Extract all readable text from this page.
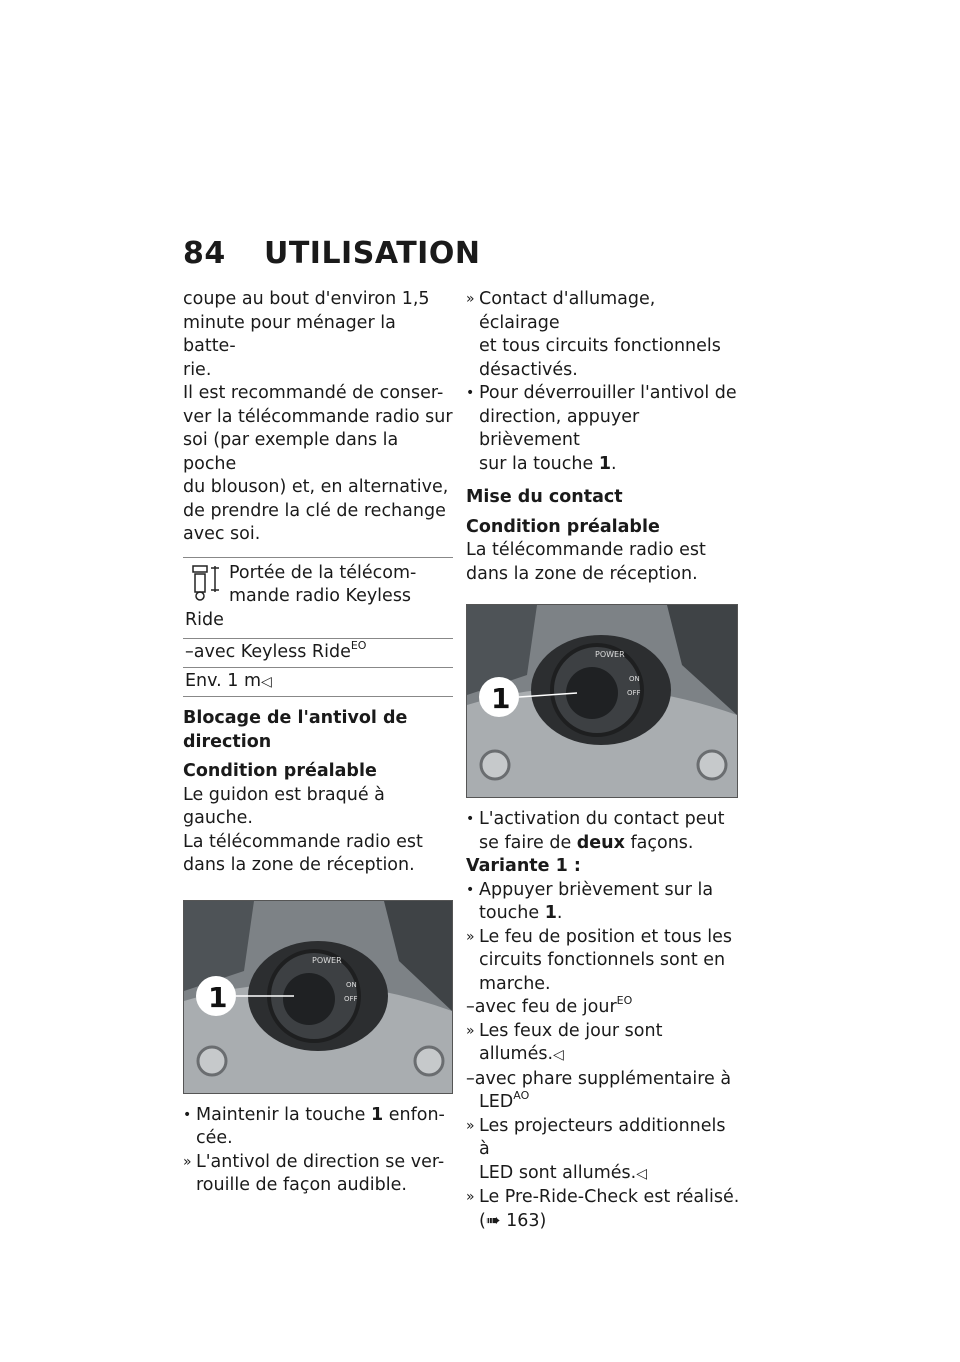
84 UTILISATION

coupe au bout d'environ 1,5

minute pour ménager la batte-

rie.

Il est recommandé de conser-

ver la télécommande radio sur

soi (par exemple dans la poche

du blouson) et, en alternative,

de prendre la clé de rechange

avec soi.

Portée de la télécom-

mande radio Keyless

Ride

–avec Keyless Ride$^{EO}$
Env. 1 m◁

Blocage de l'antivol de

direction

Condition préalable

Le guidon est braqué à gauche.

La télécommande radio est

dans la zone de réception.

POWER
ON
OFF
1
• Maintenir la touche 1 enfon-

cée.

» L'antivol de direction se ver-

rouille de façon audible.

» Contact d'allumage, éclairage

et tous circuits fonctionnels

désactivés.

• Pour déverrouiller l'antivol de

direction, appuyer brièvement

sur la touche 1.

Mise du contact

Condition préalable

La télécommande radio est

dans la zone de réception.

POWER
ON
OFF
1
• L'activation du contact peut

se faire de deux façons.

Variante 1 :

• Appuyer brièvement sur la

touche 1.

» Le feu de position et tous les

circuits fonctionnels sont en

marche.

–avec feu de jour$^{EO}$

» Les feux de jour sont

allumés.◁

–avec phare supplémentaire à

$LED^{AO}$

» Les projecteurs additionnels à

LED sont allumés.◁

» Le Pre-Ride-Check est réalisé.

(➠ 163)
